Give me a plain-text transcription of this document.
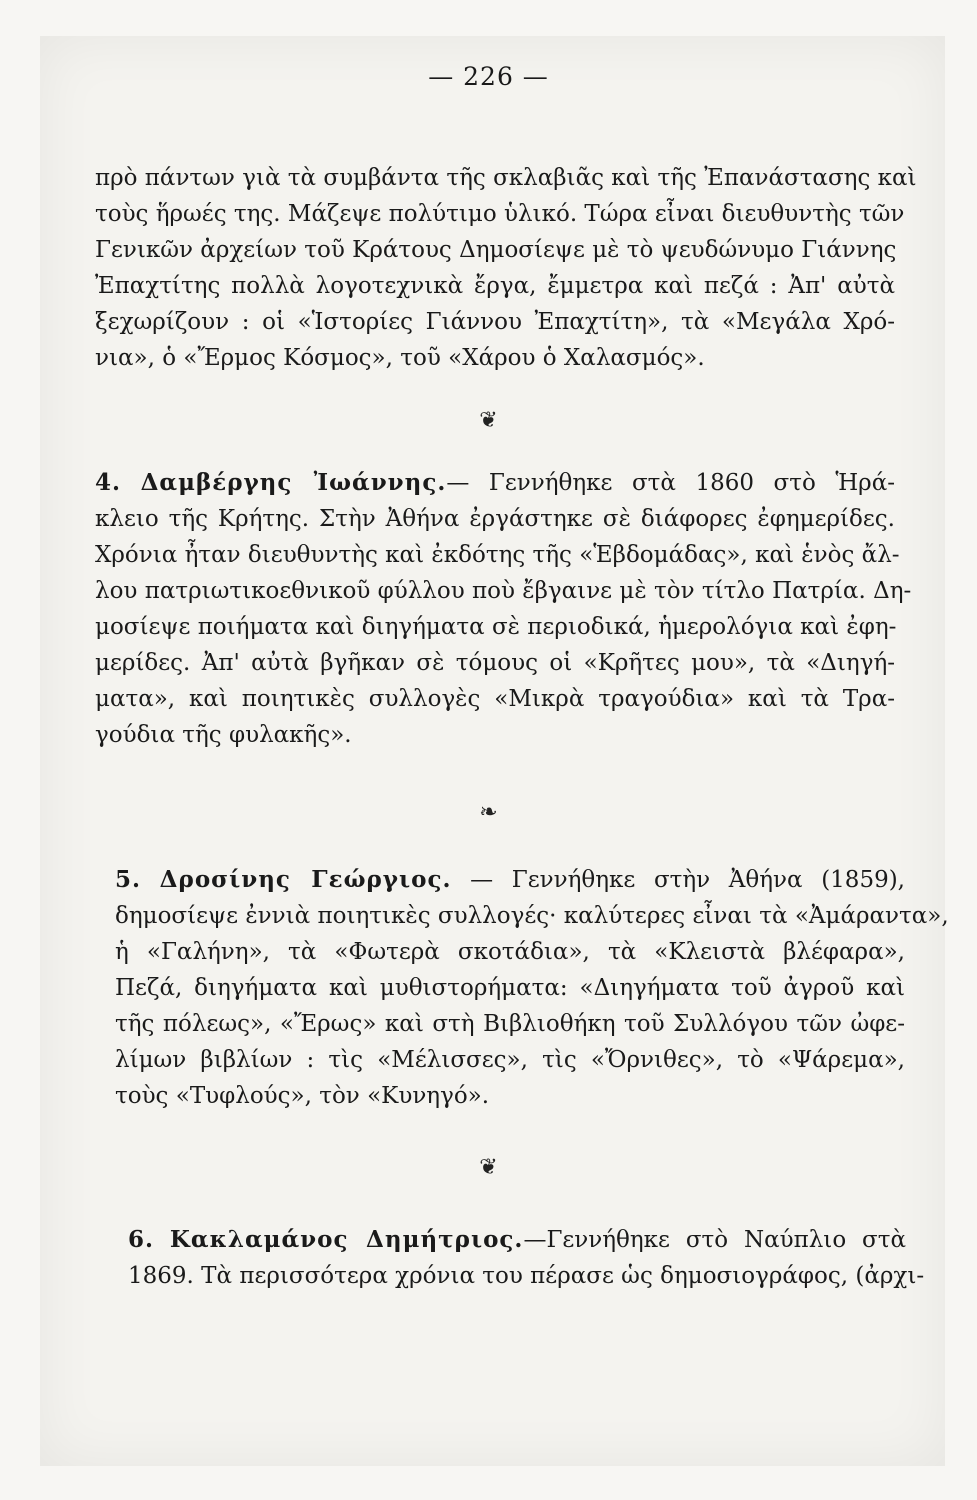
— 226 —
πρὸ πάντων γιὰ τὰ συμβάντα τῆς σκλαβιᾶς καὶ τῆς Ἐπανάστασης καὶ
τοὺς ἥρωές της. Μάζεψε πολύτιμο ὑλικό. Τώρα εἶναι διευθυντὴς τῶν
Γενικῶν ἀρχείων τοῦ Κράτους Δημοσίεψε μὲ τὸ ψευδώνυμο Γιάννης
Ἐπαχτίτης πολλὰ λογοτεχνικὰ ἔργα, ἔμμετρα καὶ πεζά : Ἀπ' αὐτὰ
ξεχωρίζουν : οἱ «Ἱστορίες Γιάννου Ἐπαχτίτη», τὰ «Μεγάλα Χρό-
νια», ὁ «Ἔρμος Κόσμος», τοῦ «Χάρου ὁ Χαλασμός».
❦
4. Δαμβέργης Ἰωάννης.— Γεννήθηκε στὰ 1860 στὸ Ἡρά-
κλειο τῆς Κρήτης. Στὴν Ἀθήνα ἐργάστηκε σὲ διάφορες ἐφημερίδες.
Χρόνια ἦταν διευθυντὴς καὶ ἐκδότης τῆς «Ἑβδομάδας», καὶ ἑνὸς ἄλ-
λου πατριωτικοεθνικοῦ φύλλου ποὺ ἔβγαινε μὲ τὸν τίτλο Πατρία. Δη-
μοσίεψε ποιήματα καὶ διηγήματα σὲ περιοδικά, ἡμερολόγια καὶ ἐφη-
μερίδες. Ἀπ' αὐτὰ βγῆκαν σὲ τόμους οἱ «Κρῆτες μου», τὰ «Διηγή-
ματα», καὶ ποιητικὲς συλλογὲς «Μικρὰ τραγούδια» καὶ τὰ Τρα-
γούδια τῆς φυλακῆς».
❧
5. Δροσίνης Γεώργιος. — Γεννήθηκε στὴν Ἀθήνα (1859),
δημοσίεψε ἐννιὰ ποιητικὲς συλλογές· καλύτερες εἶναι τὰ «Ἀμάραντα»,
ἡ «Γαλήνη», τὰ «Φωτερὰ σκοτάδια», τὰ «Κλειστὰ βλέφαρα»,
Πεζά, διηγήματα καὶ μυθιστορήματα: «Διηγήματα τοῦ ἀγροῦ καὶ
τῆς πόλεως», «Ἔρως» καὶ στὴ Βιβλιοθήκη τοῦ Συλλόγου τῶν ὠφε-
λίμων βιβλίων : τὶς «Μέλισσες», τὶς «Ὄρνιθες», τὸ «Ψάρεμα»,
τοὺς «Τυφλούς», τὸν «Κυνηγό».
❦
6. Κακλαμάνος Δημήτριος.—Γεννήθηκε στὸ Ναύπλιο στὰ
1869. Τὰ περισσότερα χρόνια του πέρασε ὡς δημοσιογράφος, (ἀρχι-
